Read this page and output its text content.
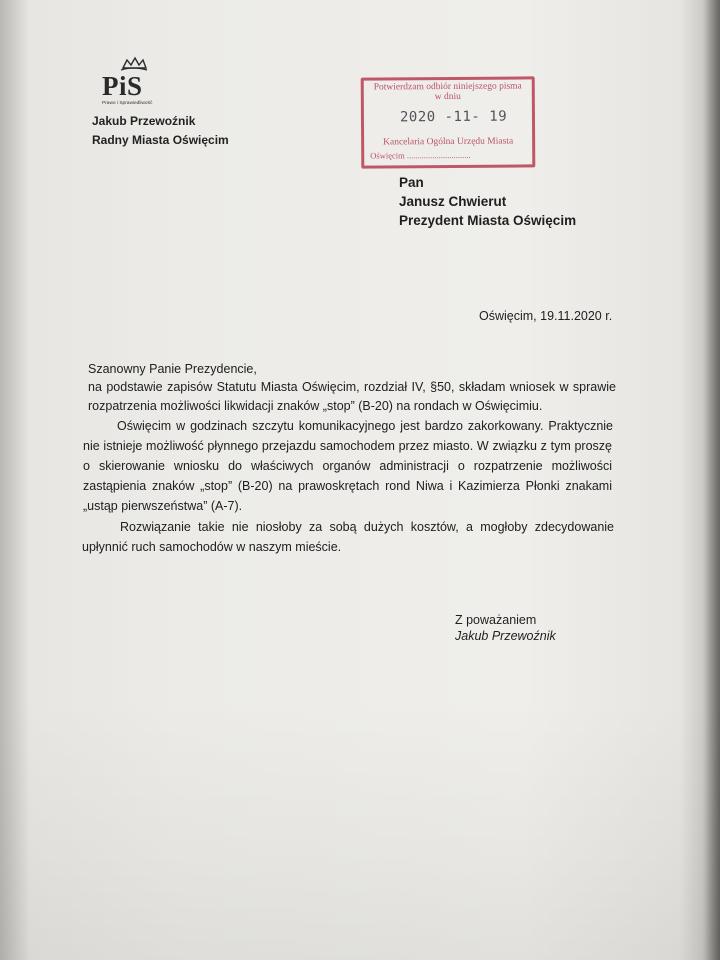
PiS
Prawo i Sprawiedliwość
Jakub Przewoźnik
Radny Miasta Oświęcim
Potwierdzam odbiór niniejszego pisma
w dniu
2020 -11- 19
Kancelaria Ogólna Urzędu Miasta
Oświęcim ..............................
Pan
Janusz Chwierut
Prezydent Miasta Oświęcim
Oświęcim, 19.11.2020 r.
Szanowny Panie Prezydencie,
na podstawie zapisów Statutu Miasta Oświęcim, rozdział IV, §50, składam wniosek w sprawie
rozpatrzenia możliwości likwidacji znaków „stop” (B-20) na rondach w Oświęcimiu.
Oświęcim w godzinach szczytu komunikacyjnego jest bardzo zakorkowany. Praktycznie
nie istnieje możliwość płynnego przejazdu samochodem przez miasto. W związku z tym proszę
o skierowanie wniosku do właściwych organów administracji o rozpatrzenie możliwości
zastąpienia znaków „stop” (B-20) na prawoskrętach rond Niwa i Kazimierza Płonki znakami
„ustąp pierwszeństwa” (A-7).
Rozwiązanie takie nie niosłoby za sobą dużych kosztów, a mogłoby zdecydowanie
upłynnić ruch samochodów w naszym mieście.
Z poważaniem
Jakub Przewoźnik
